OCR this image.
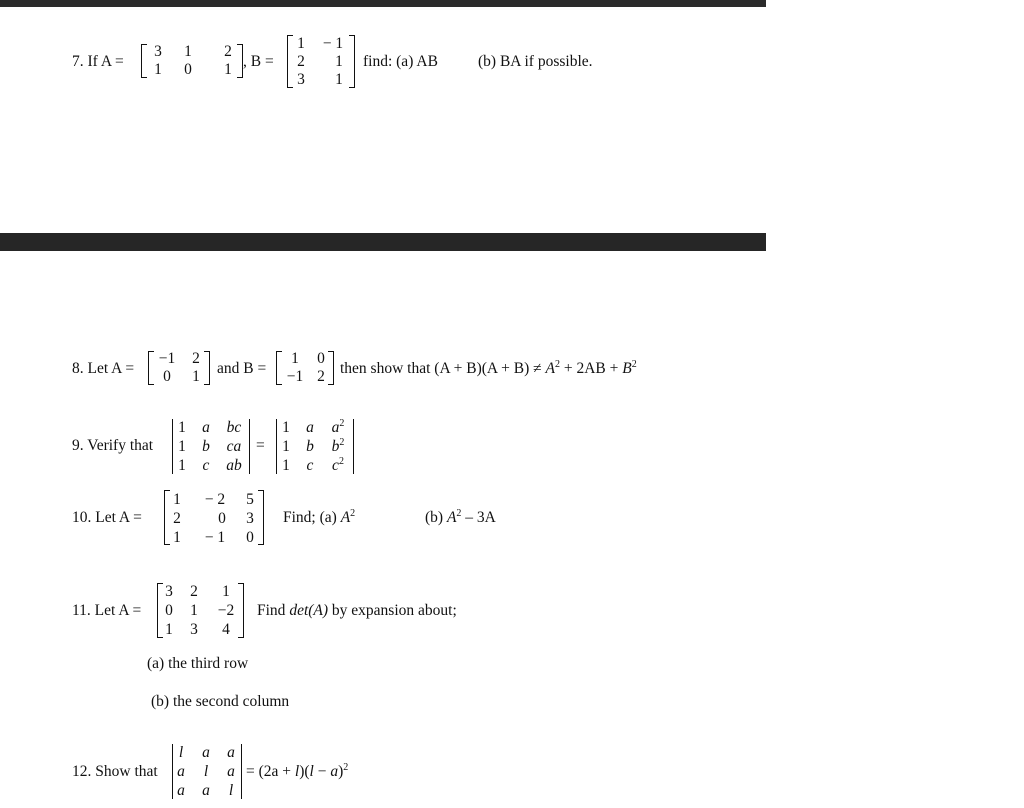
7. If A =
3	1	2
1	0	1 , B =
1	− 1
2	1
3	1
find: (a) AB	(b) BA if possible.
8. Let A =
−1	2
0	1 and B =
1	0
−1 2 then show that $(A + B)(A + B) \ne A^2 + 2AB + B^2$
9. Verify that
1 a	bc
1 b	ca
1 c ab
=
1 a	$a^2$
1 b	$b^2$
1 c	$c^2$
10. Let A =
1	− 2	5
2 0 3
1	− 1	0
Find; (a) $A^2$	(b) $A^2 - 3A$
11. Let A =
3 2	1
0 1	−2
1 3	4
Find det(A) by expansion about;
(a) the third row
(b) the second column
12. Show that
l	a a
a	l	a
a a	l
= $(2a + l)(l - a)^2$
